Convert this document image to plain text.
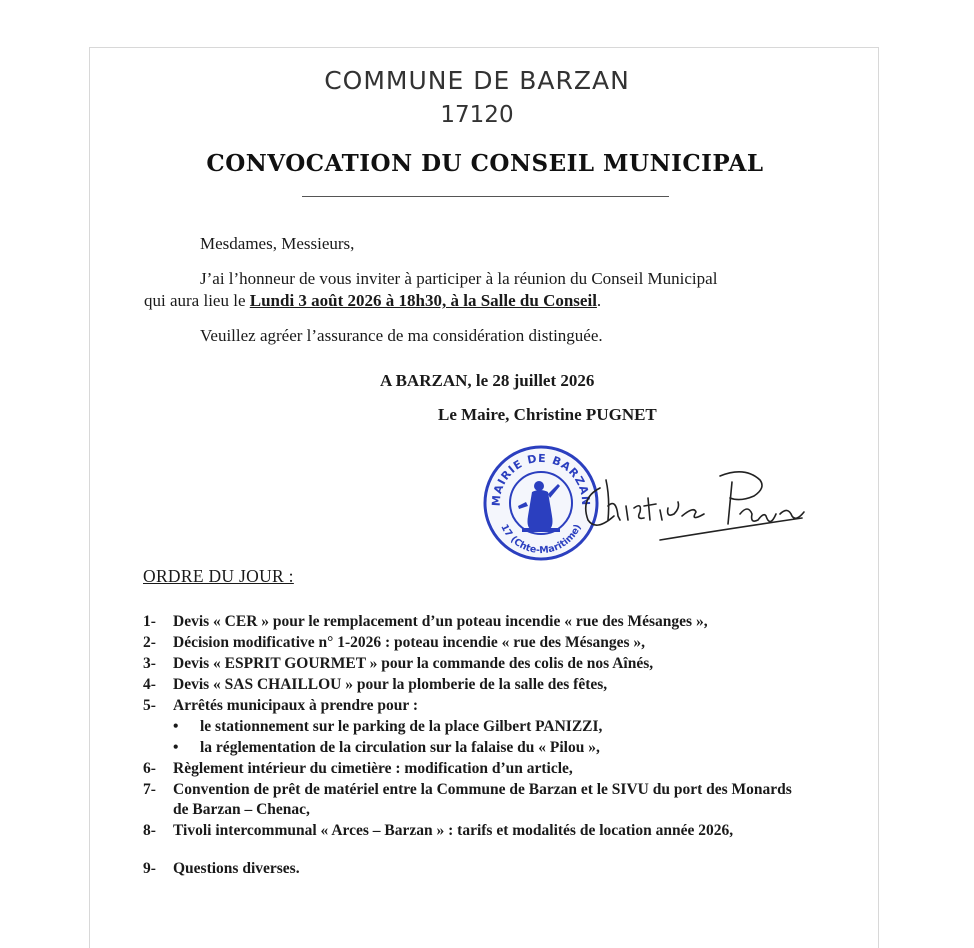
COMMUNE DE BARZAN
17120
CONVOCATION DU CONSEIL MUNICIPAL
Mesdames, Messieurs,
J’ai l’honneur de vous inviter à participer à la réunion du Conseil Municipal
qui aura lieu le Lundi 3 août 2026 à 18h30, à la Salle du Conseil.
Veuillez agréer l’assurance de ma considération distinguée.
A BARZAN, le 28 juillet 2026
Le Maire, Christine PUGNET
MAIRIE DE BARZAN
17 (Chte-Maritime)
ORDRE DU JOUR :
1- Devis « CER » pour le remplacement d’un poteau incendie « rue des Mésanges »,
2- Décision modificative n° 1-2026 : poteau incendie « rue des Mésanges »,
3- Devis « ESPRIT GOURMET » pour la commande des colis de nos Aînés,
4- Devis « SAS CHAILLOU » pour la plomberie de la salle des fêtes,
5- Arrêtés municipaux à prendre pour :
• le stationnement sur le parking de la place Gilbert PANIZZI,
• la réglementation de la circulation sur la falaise du « Pilou »,
6- Règlement intérieur du cimetière : modification d’un article,
7- Convention de prêt de matériel entre la Commune de Barzan et le SIVU du port des Monards
de Barzan – Chenac,
8- Tivoli intercommunal « Arces – Barzan » : tarifs et modalités de location année 2026,
9- Questions diverses.
